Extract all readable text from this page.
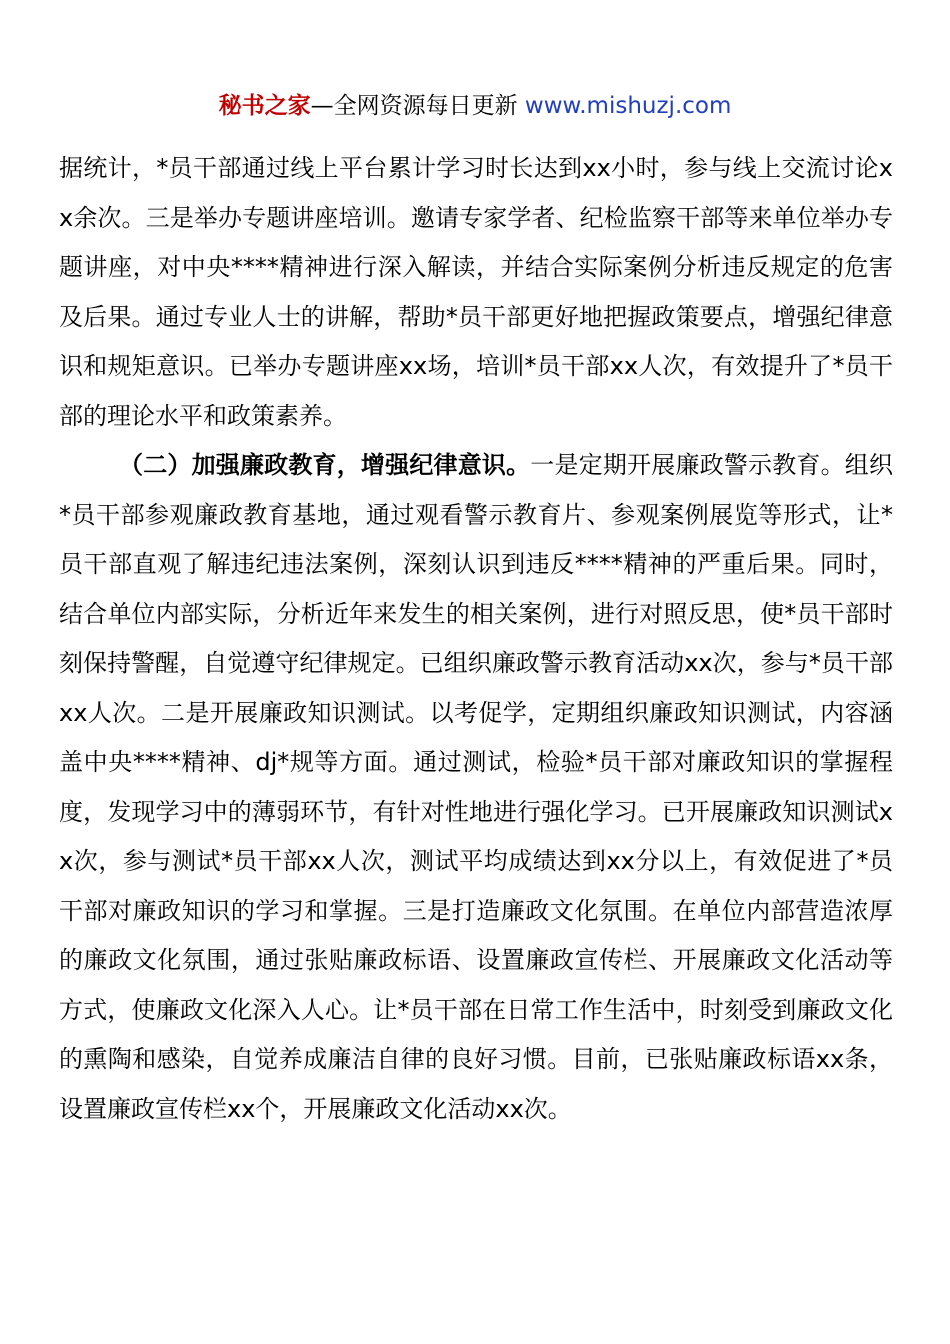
秘书之家—全网资源每日更新 www.mishuzj.com

据统计，*员干部通过线上平台累计学习时长达到xx小时，参与线上交流讨论xx余次。三是举办专题讲座培训。邀请专家学者、纪检监察干部等来单位举办专题讲座，对中央****精神进行深入解读，并结合实际案例分析违反规定的危害及后果。通过专业人士的讲解，帮助*员干部更好地把握政策要点，增强纪律意识和规矩意识。已举办专题讲座xx场，培训*员干部xx人次，有效提升了*员干部的理论水平和政策素养。

（二）加强廉政教育，增强纪律意识。一是定期开展廉政警示教育。组织*员干部参观廉政教育基地，通过观看警示教育片、参观案例展览等形式，让*员干部直观了解违纪违法案例，深刻认识到违反****精神的严重后果。同时，结合单位内部实际，分析近年来发生的相关案例，进行对照反思，使*员干部时刻保持警醒，自觉遵守纪律规定。已组织廉政警示教育活动xx次，参与*员干部xx人次。二是开展廉政知识测试。以考促学，定期组织廉政知识测试，内容涵盖中央****精神、dj*规等方面。通过测试，检验*员干部对廉政知识的掌握程度，发现学习中的薄弱环节，有针对性地进行强化学习。已开展廉政知识测试xx次，参与测试*员干部xx人次，测试平均成绩达到xx分以上，有效促进了*员干部对廉政知识的学习和掌握。三是打造廉政文化氛围。在单位内部营造浓厚的廉政文化氛围，通过张贴廉政标语、设置廉政宣传栏、开展廉政文化活动等方式，使廉政文化深入人心。让*员干部在日常工作生活中，时刻受到廉政文化的熏陶和感染，自觉养成廉洁自律的良好习惯。目前，已张贴廉政标语xx条，设置廉政宣传栏xx个，开展廉政文化活动xx次。
